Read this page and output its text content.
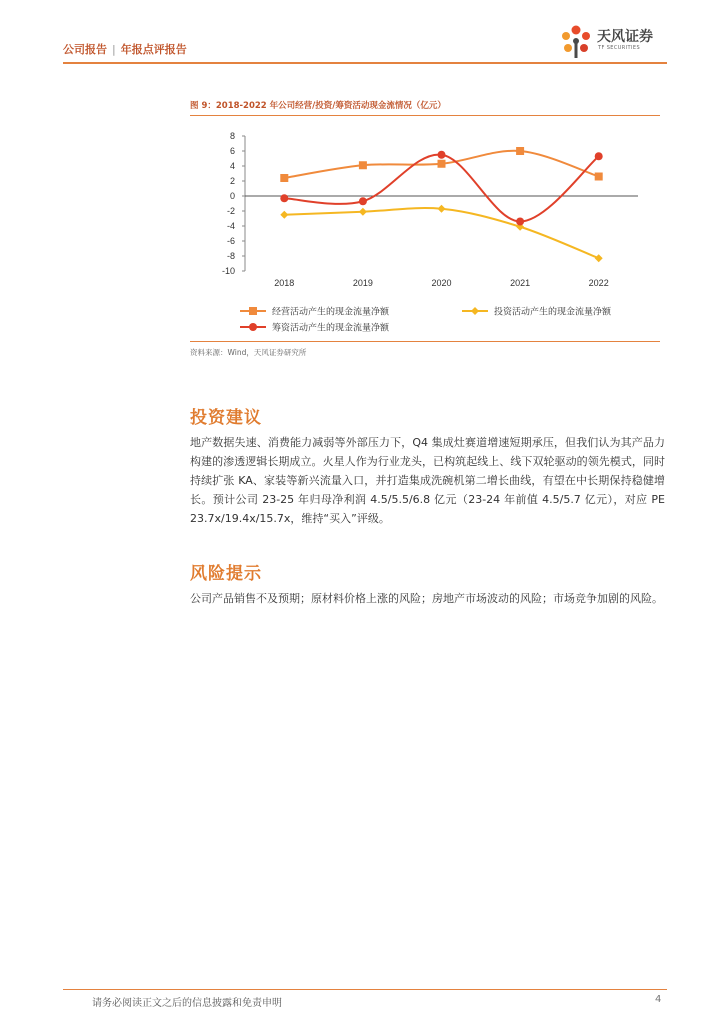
公司报告 | 年报点评报告
天风证券
TF SECURITIES
图 9：2018-2022 年公司经营/投资/筹资活动现金流情况（亿元）
8
6
4
2
0
-2
-4
-6
-8
-10
2018	2019	2020	2021	2022
经营活动产生的现金流量净额	投资活动产生的现金流量净额
筹资活动产生的现金流量净额
资料来源：Wind，天风证券研究所
投资建议
地产数据失速、消费能力减弱等外部压力下，Q4 集成灶赛道增速短期承压，但我们认为其产品力构建的渗透逻辑长期成立。火星人作为行业龙头，已构筑起线上、线下双轮驱动的领先模式，同时持续扩张 KA、家装等新兴流量入口，并打造集成洗碗机第二增长曲线，有望在中长期保持稳健增长。预计公司 23-25 年归母净利润 4.5/5.5/6.8 亿元（23-24 年前值 4.5/5.7 亿元），对应 PE 23.7x/19.4x/15.7x，维持“买入”评级。
风险提示
公司产品销售不及预期；原材料价格上涨的风险；房地产市场波动的风险；市场竞争加剧的风险。
请务必阅读正文之后的信息披露和免责申明	4
